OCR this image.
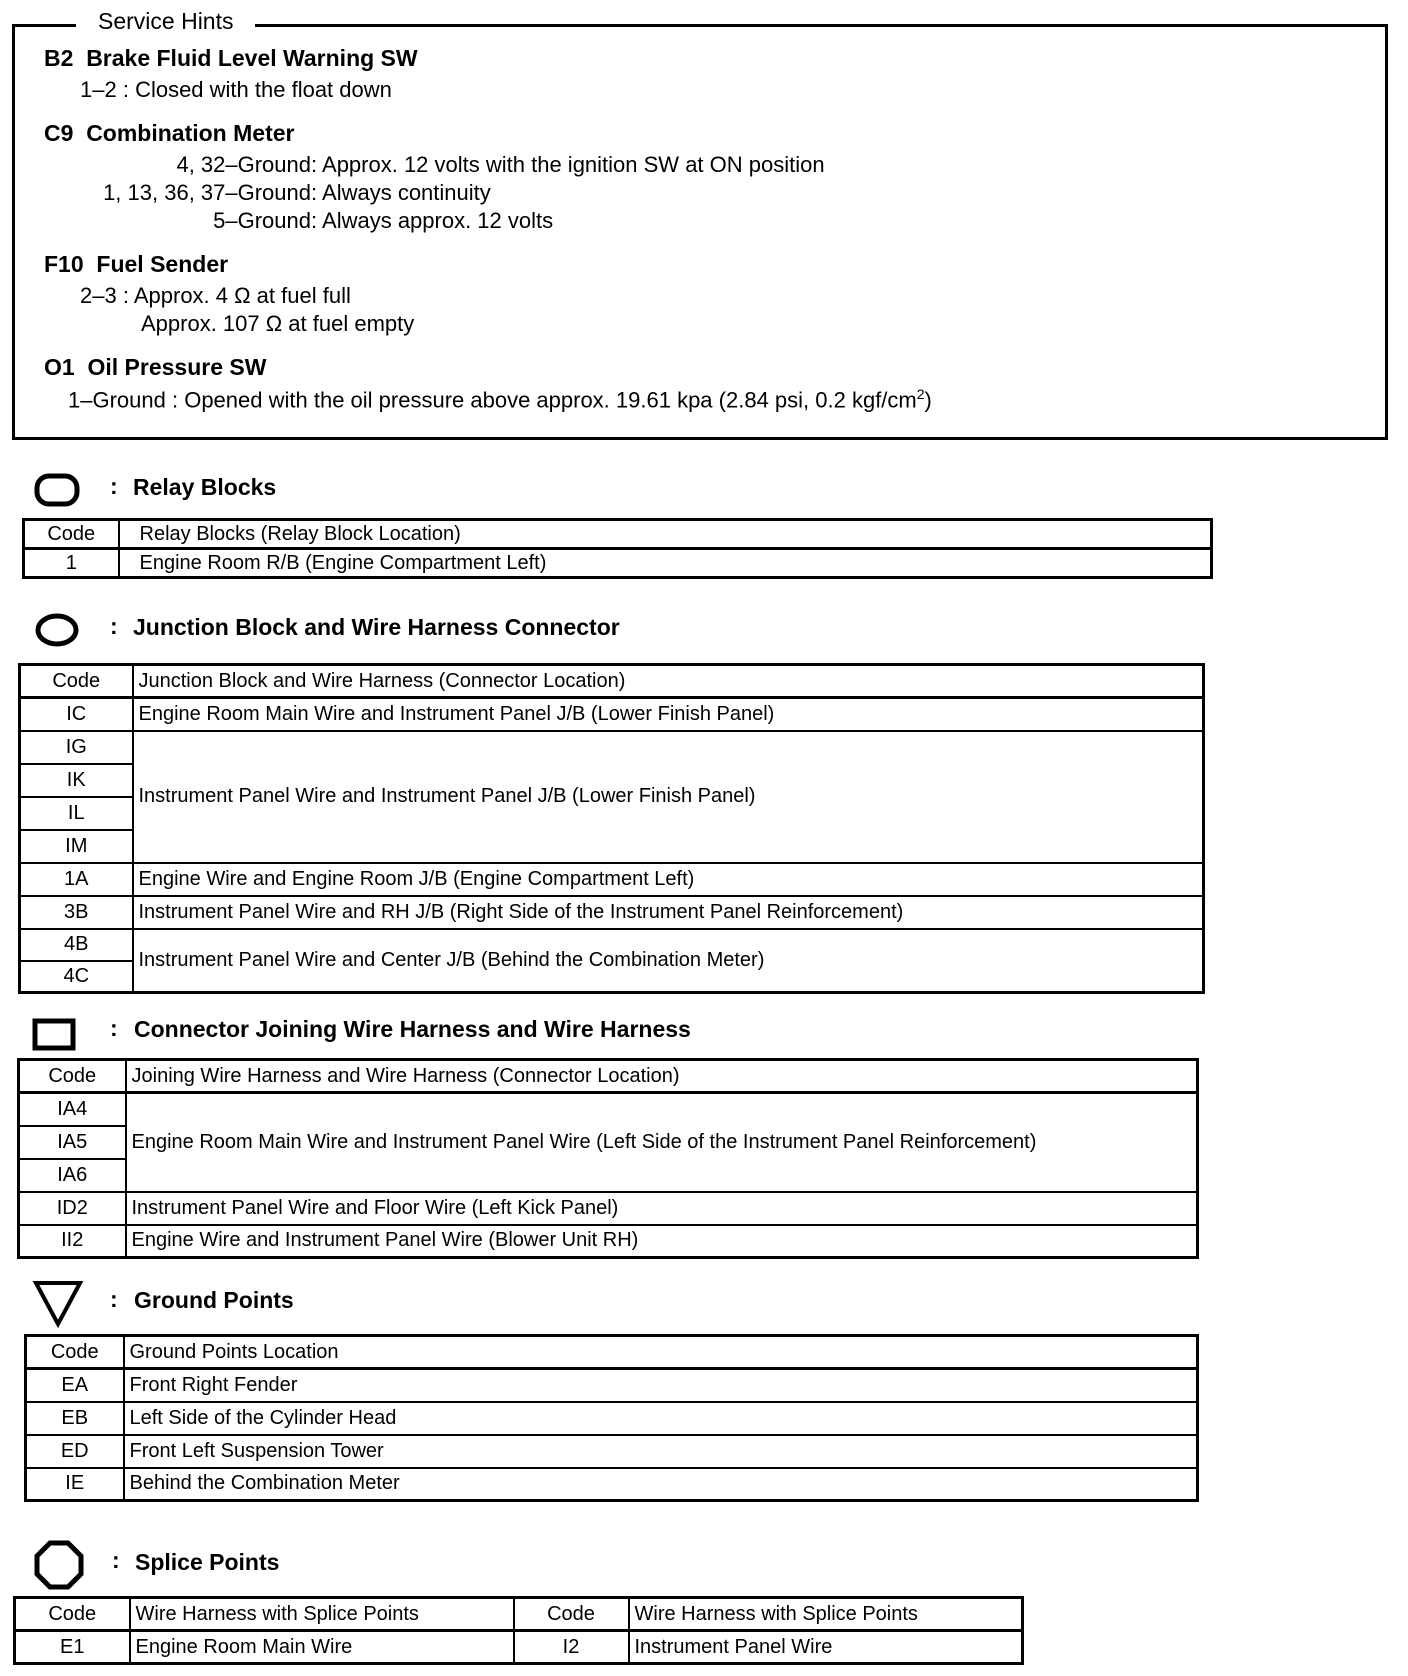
Service Hints
B2 Brake Fluid Level Warning SW
1–2 : Closed with the float down
C9 Combination Meter
4, 32–Ground : Approx. 12 volts with the ignition SW at ON position
1, 13, 36, 37–Ground : Always continuity
5–Ground : Always approx. 12 volts
F10 Fuel Sender
2–3 : Approx. 4 Ω at fuel full
Approx. 107 Ω at fuel empty
O1 Oil Pressure SW
1–Ground : Opened with the oil pressure above approx. 19.61 kpa (2.84 psi, 0.2 kgf/$cm^2$)
: Relay Blocks
Code	Relay Blocks (Relay Block Location)
1	Engine Room R/B (Engine Compartment Left)
: Junction Block and Wire Harness Connector
Code	Junction Block and Wire Harness (Connector Location)
IC	Engine Room Main Wire and Instrument Panel J/B (Lower Finish Panel)
IG	Instrument Panel Wire and Instrument Panel J/B (Lower Finish Panel)
IK	
IL	
IM	
1A	Engine Wire and Engine Room J/B (Engine Compartment Left)
3B	Instrument Panel Wire and RH J/B (Right Side of the Instrument Panel Reinforcement)
4B	Instrument Panel Wire and Center J/B (Behind the Combination Meter)
4C	
: Connector Joining Wire Harness and Wire Harness
Code	Joining Wire Harness and Wire Harness (Connector Location)
IA4	Engine Room Main Wire and Instrument Panel Wire (Left Side of the Instrument Panel Reinforcement)
IA5	
IA6	
ID2	Instrument Panel Wire and Floor Wire (Left Kick Panel)
II2	Engine Wire and Instrument Panel Wire (Blower Unit RH)
: Ground Points
Code	Ground Points Location
EA	Front Right Fender
EB	Left Side of the Cylinder Head
ED	Front Left Suspension Tower
IE	Behind the Combination Meter
: Splice Points
Code	Wire Harness with Splice Points	Code	Wire Harness with Splice Points
E1	Engine Room Main Wire	I2	Instrument Panel Wire
